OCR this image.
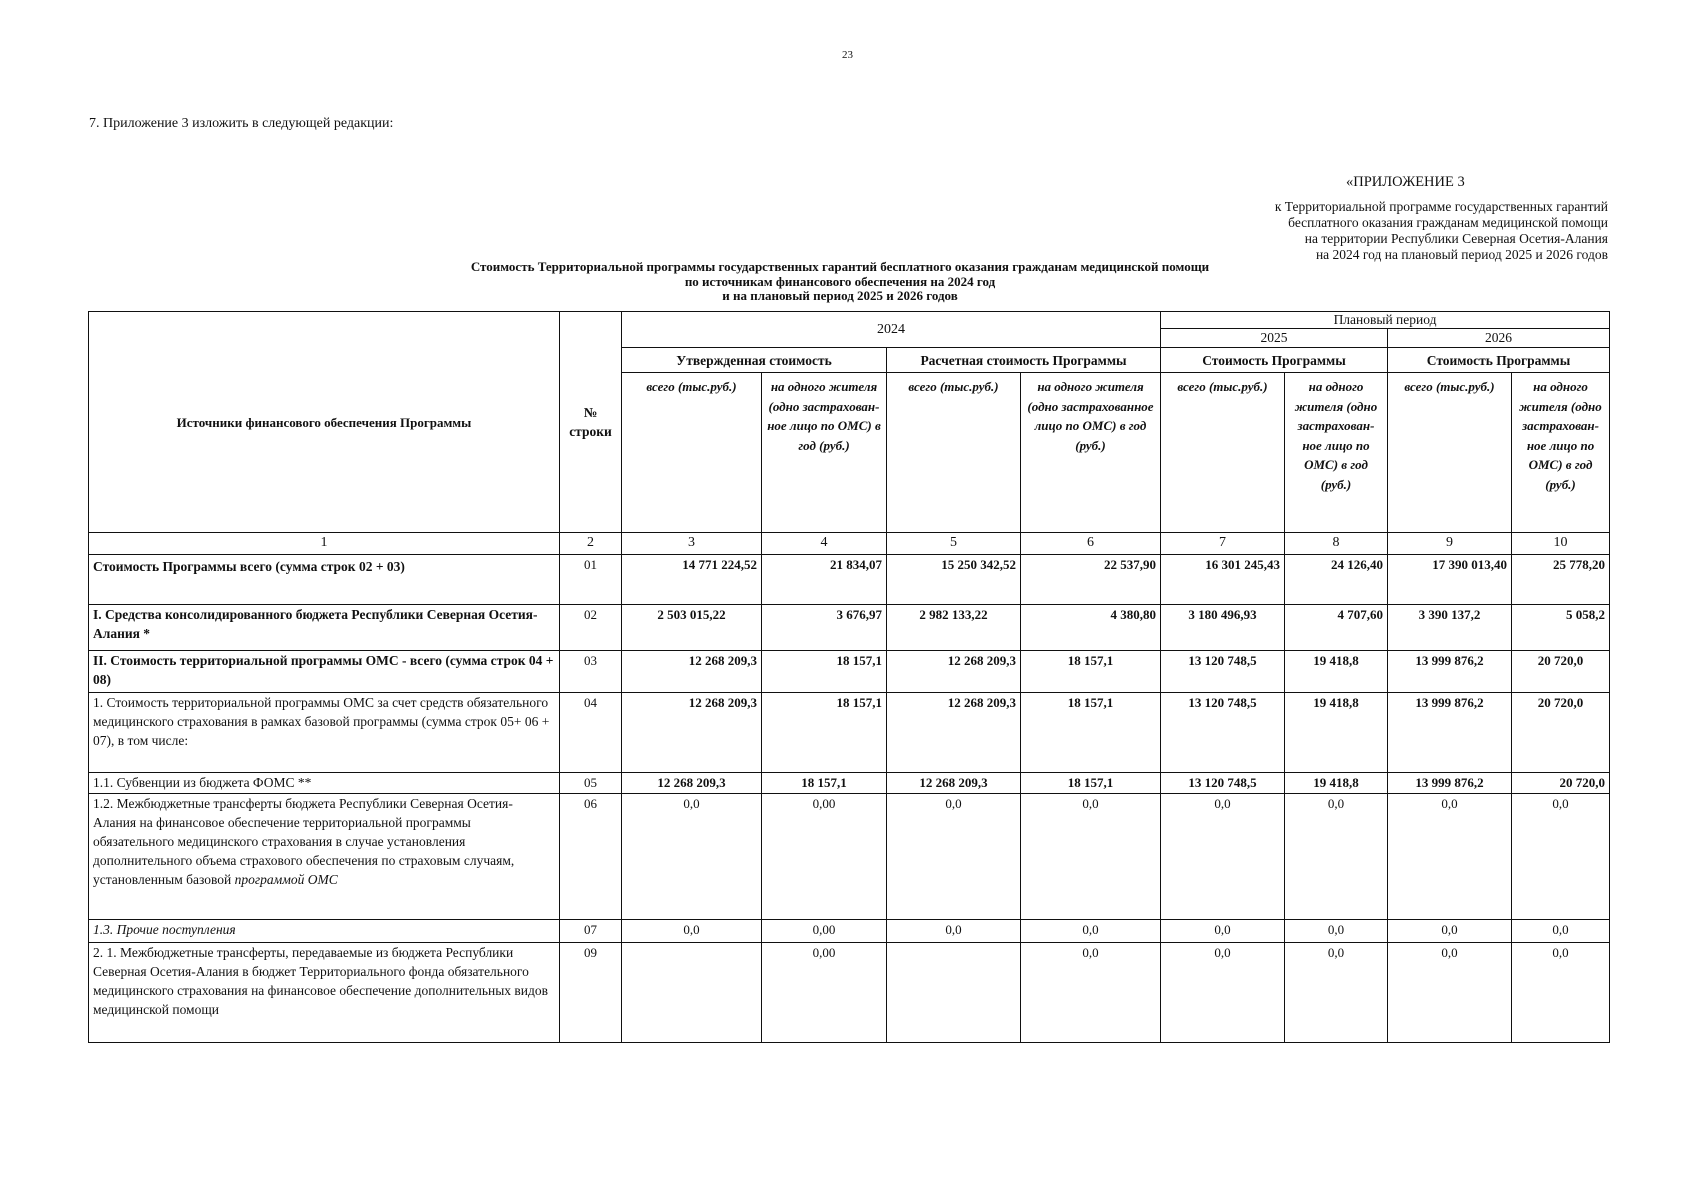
23
7. Приложение 3 изложить в следующей редакции:
«ПРИЛОЖЕНИЕ 3
к Территориальной программе государственных гарантий
бесплатного оказания гражданам медицинской помощи
на территории Республики Северная Осетия-Алания
на 2024 год на плановый период 2025 и 2026 годов
Стоимость Территориальной программы государственных гарантий бесплатного оказания гражданам медицинской помощи
по источникам финансового обеспечения на 2024 год
и на плановый период 2025 и 2026 годов
Источники финансового обеспечения Программы	№ строки	2024				Плановый период			
						2025		2026	
		Утвержденная стоимость		Расчетная стоимость Программы		Стоимость Программы		Стоимость Программы	
		всего (тыс.руб.)	на одного жителя (одно застрахован-ное лицо по ОМС) в год (руб.)	всего (тыс.руб.)	на одного жителя (одно застрахованное лицо по ОМС) в год (руб.)	всего (тыс.руб.)	на одного жителя (одно застрахован-ное лицо по ОМС) в год (руб.)	всего (тыс.руб.)	на одного жителя (одно застрахован-ное лицо по ОМС) в год (руб.)

1	2	3	4	5	6	7	8	9	10
Стоимость Программы всего (сумма строк 02 + 03)	01	14 771 224,52	21 834,07	15 250 342,52	22 537,90	16 301 245,43	24 126,40	17 390 013,40	25 778,20
I. Средства консолидированного бюджета Республики Северная Осетия-Алания *	02	2 503 015,22	3 676,97	2 982 133,22	4 380,80	3 180 496,93	4 707,60	3 390 137,2	5 058,2
II. Стоимость территориальной программы ОМС - всего (сумма строк 04 + 08)	03	12 268 209,3	18 157,1	12 268 209,3	18 157,1	13 120 748,5	19 418,8	13 999 876,2	20 720,0
1. Стоимость территориальной программы ОМС за счет средств обязательного медицинского страхования в рамках базовой программы (сумма строк 05+ 06 + 07), в том числе:	04	12 268 209,3	18 157,1	12 268 209,3	18 157,1	13 120 748,5	19 418,8	13 999 876,2	20 720,0
1.1. Субвенции из бюджета ФОМС **	05	12 268 209,3	18 157,1	12 268 209,3	18 157,1	13 120 748,5	19 418,8	13 999 876,2	20 720,0
1.2. Межбюджетные трансферты бюджета Республики Северная Осетия-Алания на финансовое обеспечение территориальной программы обязательного медицинского страхования в случае установления дополнительного объема страхового обеспечения по страховым случаям, установленным базовой программой ОМС	06	0,0	0,00	0,0	0,0	0,0	0,0	0,0	0,0
1.3. Прочие поступления	07	0,0	0,00	0,0	0,0	0,0	0,0	0,0	0,0
2. 1. Межбюджетные трансферты, передаваемые из бюджета Республики Северная Осетия-Алания в бюджет Территориального фонда обязательного медицинского страхования на финансовое обеспечение дополнительных видов медицинской помощи	09		0,00		0,0	0,0	0,0	0,0	0,0
